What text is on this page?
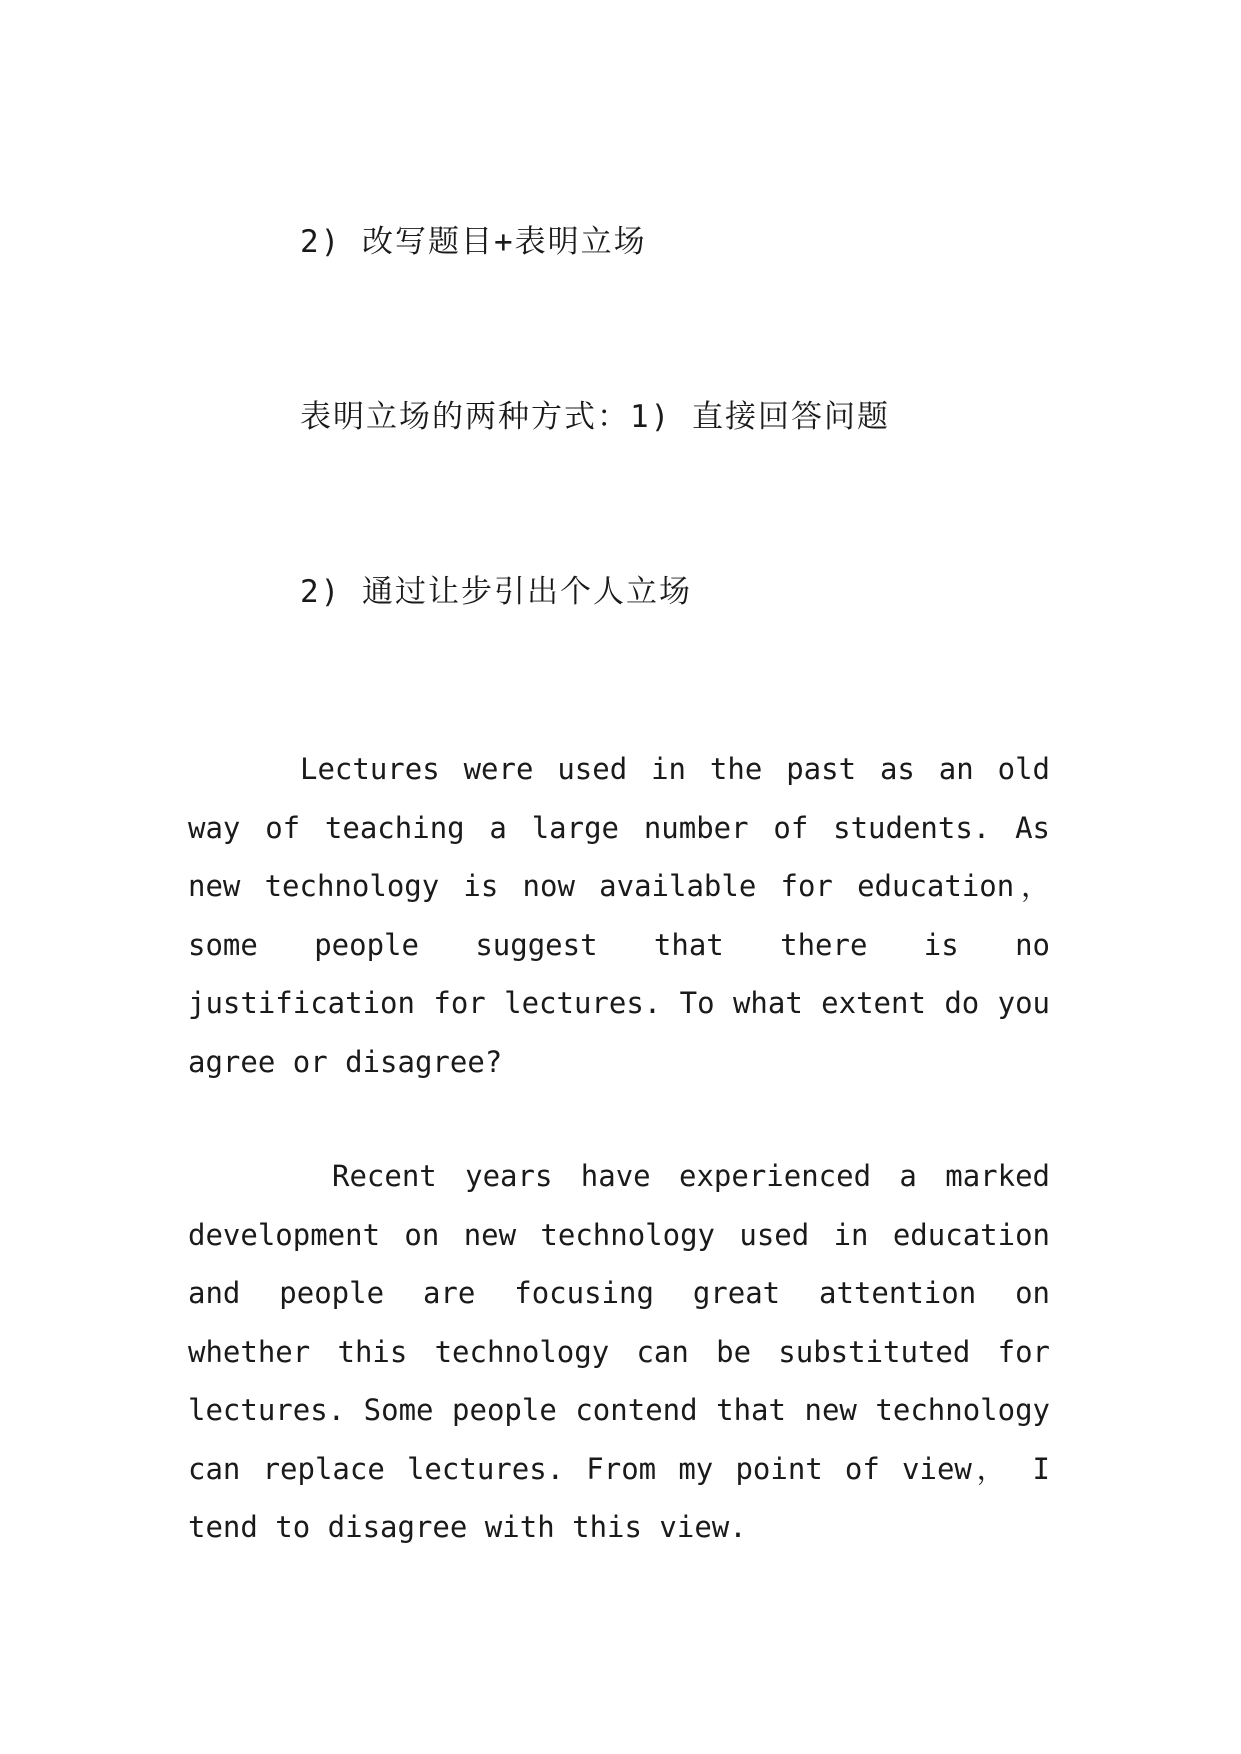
2) 改写题目+表明立场
表明立场的两种方式：1) 直接回答问题
2) 通过让步引出个人立场

Lectures were used in the past as an old way of teaching a large number of students. As new technology is now available for education， some people suggest that there is no justification for lectures. To what extent do you agree or disagree?

Recent years have experienced a marked development on new technology used in education and people are focusing great attention on whether this technology can be substituted for lectures. Some people contend that new technology can replace lectures. From my point of view， I tend to disagree with this view.
